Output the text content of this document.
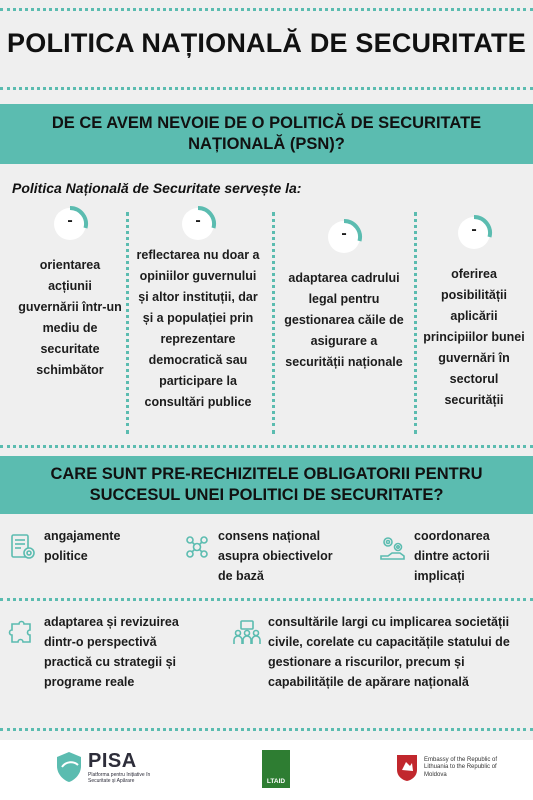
POLITICA NAȚIONALĂ DE SECURITATE
DE CE AVEM NEVOIE DE O POLITICĂ DE SECURITATE
NAȚIONALĂ (PSN)?
Politica Națională de Securitate servește la:
-
orientarea acțiunii guvernării într-un mediu de securitate schimbător
-
reflectarea nu doar a opiniilor guvernului și altor instituții, dar și a populației prin reprezentare democratică sau participare la consultări publice
-
adaptarea cadrului legal pentru gestionarea căile de asigurare a securității naționale
-
oferirea posibilității aplicării principiilor bunei guvernări în sectorul securității
CARE SUNT PRE-RECHIZITELE OBLIGATORII PENTRU
SUCCESUL UNEI POLITICI DE SECURITATE?
angajamente politice
consens național asupra obiectivelor de bază
coordonarea dintre actorii implicați
adaptarea și revizuirea dintr-o perspectivă practică cu strategii și programe reale
consultările largi cu implicarea societății civile, corelate cu capacitățile statului de gestionare a riscurilor, precum și capabilitățile de apărare națională
PISA
Platforma pentru Inițiative în Securitate și Apărare	LTAID
Embassy of the Republic of Lithuania to the Republic of Moldova
